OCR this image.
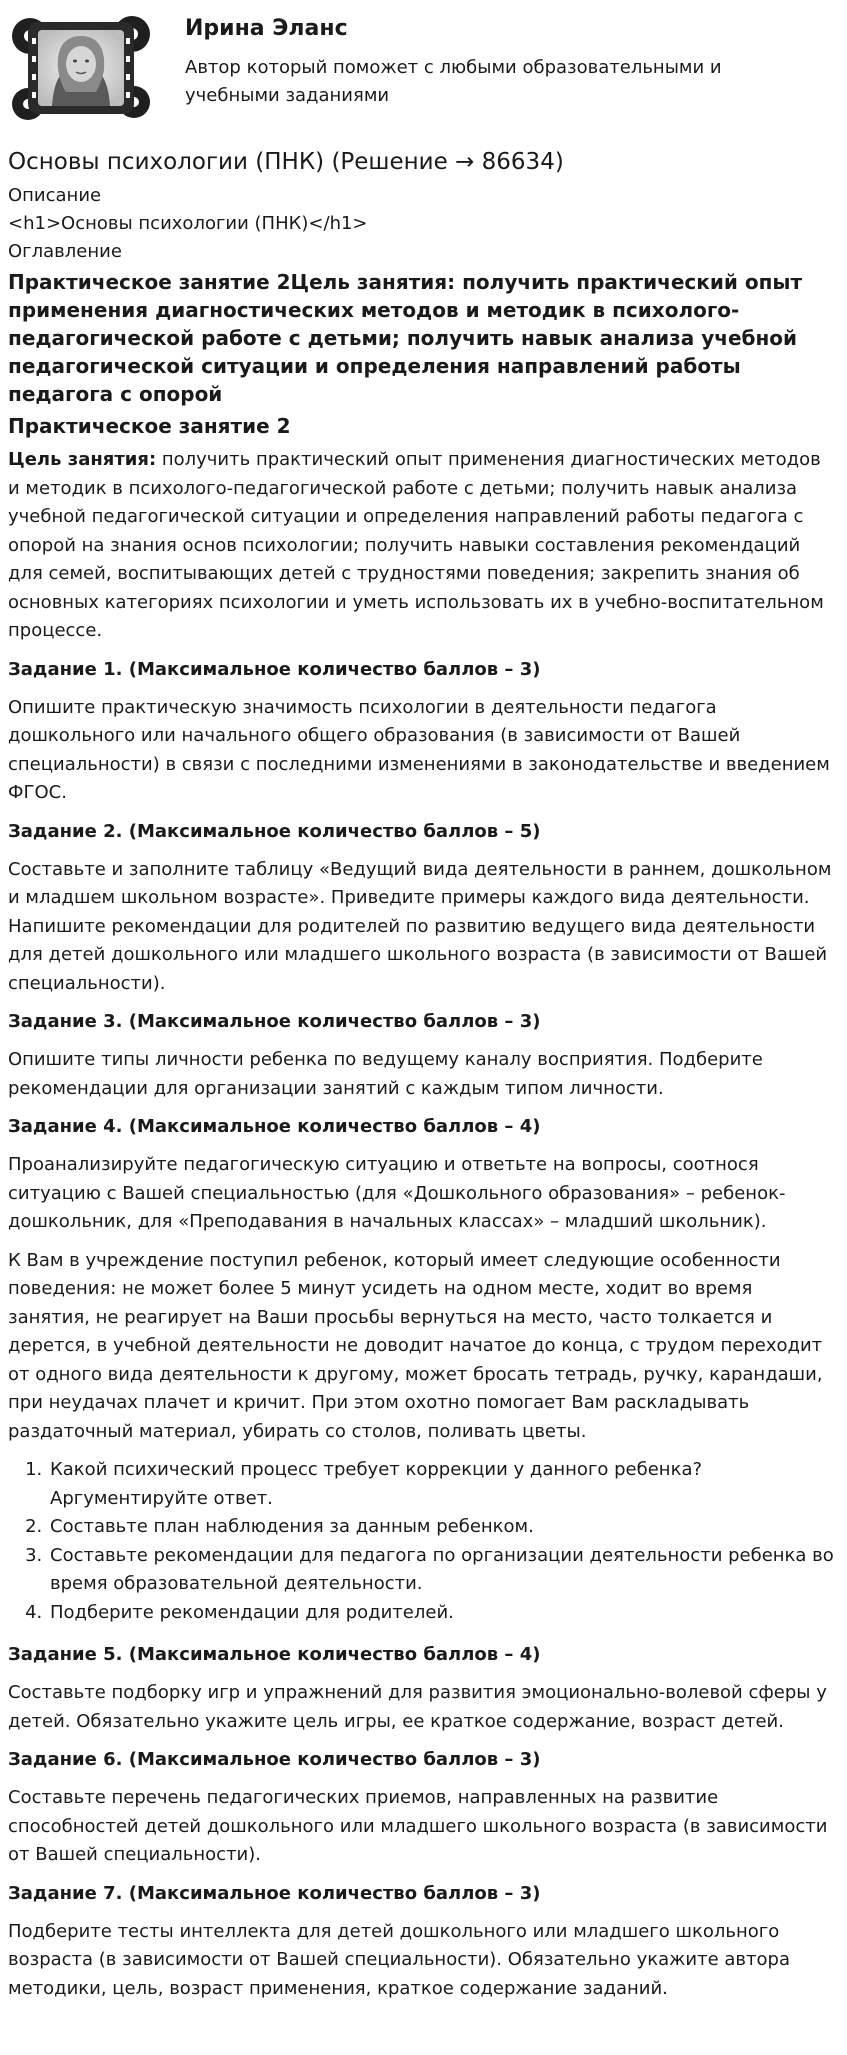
Ирина Эланс
Автор который поможет с любыми образовательными и учебными заданиями
Основы психологии (ПНК) (Решение → 86634)
Описание
<h1>Основы психологии (ПНК)</h1>
Оглавление
Практическое занятие 2Цель занятия: получить практический опыт применения диагностических методов и методик в психолого-педагогической работе с детьми; получить навык анализа учебной педагогической ситуации и определения направлений работы педагога с опорой
Практическое занятие 2

Цель занятия: получить практический опыт применения диагностических методов и методик в психолого-педагогической работе с детьми; получить навык анализа учебной педагогической ситуации и определения направлений работы педагога с опорой на знания основ психологии; получить навыки составления рекомендаций для семей, воспитывающих детей с трудностями поведения; закрепить знания об основных категориях психологии и уметь использовать их в учебно-воспитательном процессе.

Задание 1. (Максимальное количество баллов – 3)

Опишите практическую значимость психологии в деятельности педагога дошкольного или начального общего образования (в зависимости от Вашей специальности) в связи с последними изменениями в законодательстве и введением ФГОС.

Задание 2. (Максимальное количество баллов – 5)

Составьте и заполните таблицу «Ведущий вида деятельности в раннем, дошкольном и младшем школьном возрасте». Приведите примеры каждого вида деятельности. Напишите рекомендации для родителей по развитию ведущего вида деятельности для детей дошкольного или младшего школьного возраста (в зависимости от Вашей специальности).

Задание 3. (Максимальное количество баллов – 3)

Опишите типы личности ребенка по ведущему каналу восприятия. Подберите рекомендации для организации занятий с каждым типом личности.

Задание 4. (Максимальное количество баллов – 4)

Проанализируйте педагогическую ситуацию и ответьте на вопросы, соотнося ситуацию с Вашей специальностью (для «Дошкольного образования» – ребенок-дошкольник, для «Преподавания в начальных классах» – младший школьник).

К Вам в учреждение поступил ребенок, который имеет следующие особенности поведения: не может более 5 минут усидеть на одном месте, ходит во время занятия, не реагирует на Ваши просьбы вернуться на место, часто толкается и дерется, в учебной деятельности не доводит начатое до конца, с трудом переходит от одного вида деятельности к другому, может бросать тетрадь, ручку, карандаши, при неудачах плачет и кричит. При этом охотно помогает Вам раскладывать раздаточный материал, убирать со столов, поливать цветы.

1. Какой психический процесс требует коррекции у данного ребенка? Аргументируйте ответ.
2. Составьте план наблюдения за данным ребенком.
3. Составьте рекомендации для педагога по организации деятельности ребенка во время образовательной деятельности.
4. Подберите рекомендации для родителей.
Задание 5. (Максимальное количество баллов – 4)

Составьте подборку игр и упражнений для развития эмоционально-волевой сферы у детей. Обязательно укажите цель игры, ее краткое содержание, возраст детей.

Задание 6. (Максимальное количество баллов – 3)

Составьте перечень педагогических приемов, направленных на развитие способностей детей дошкольного или младшего школьного возраста (в зависимости от Вашей специальности).

Задание 7. (Максимальное количество баллов – 3)

Подберите тесты интеллекта для детей дошкольного или младшего школьного возраста (в зависимости от Вашей специальности). Обязательно укажите автора методики, цель, возраст применения, краткое содержание заданий.
